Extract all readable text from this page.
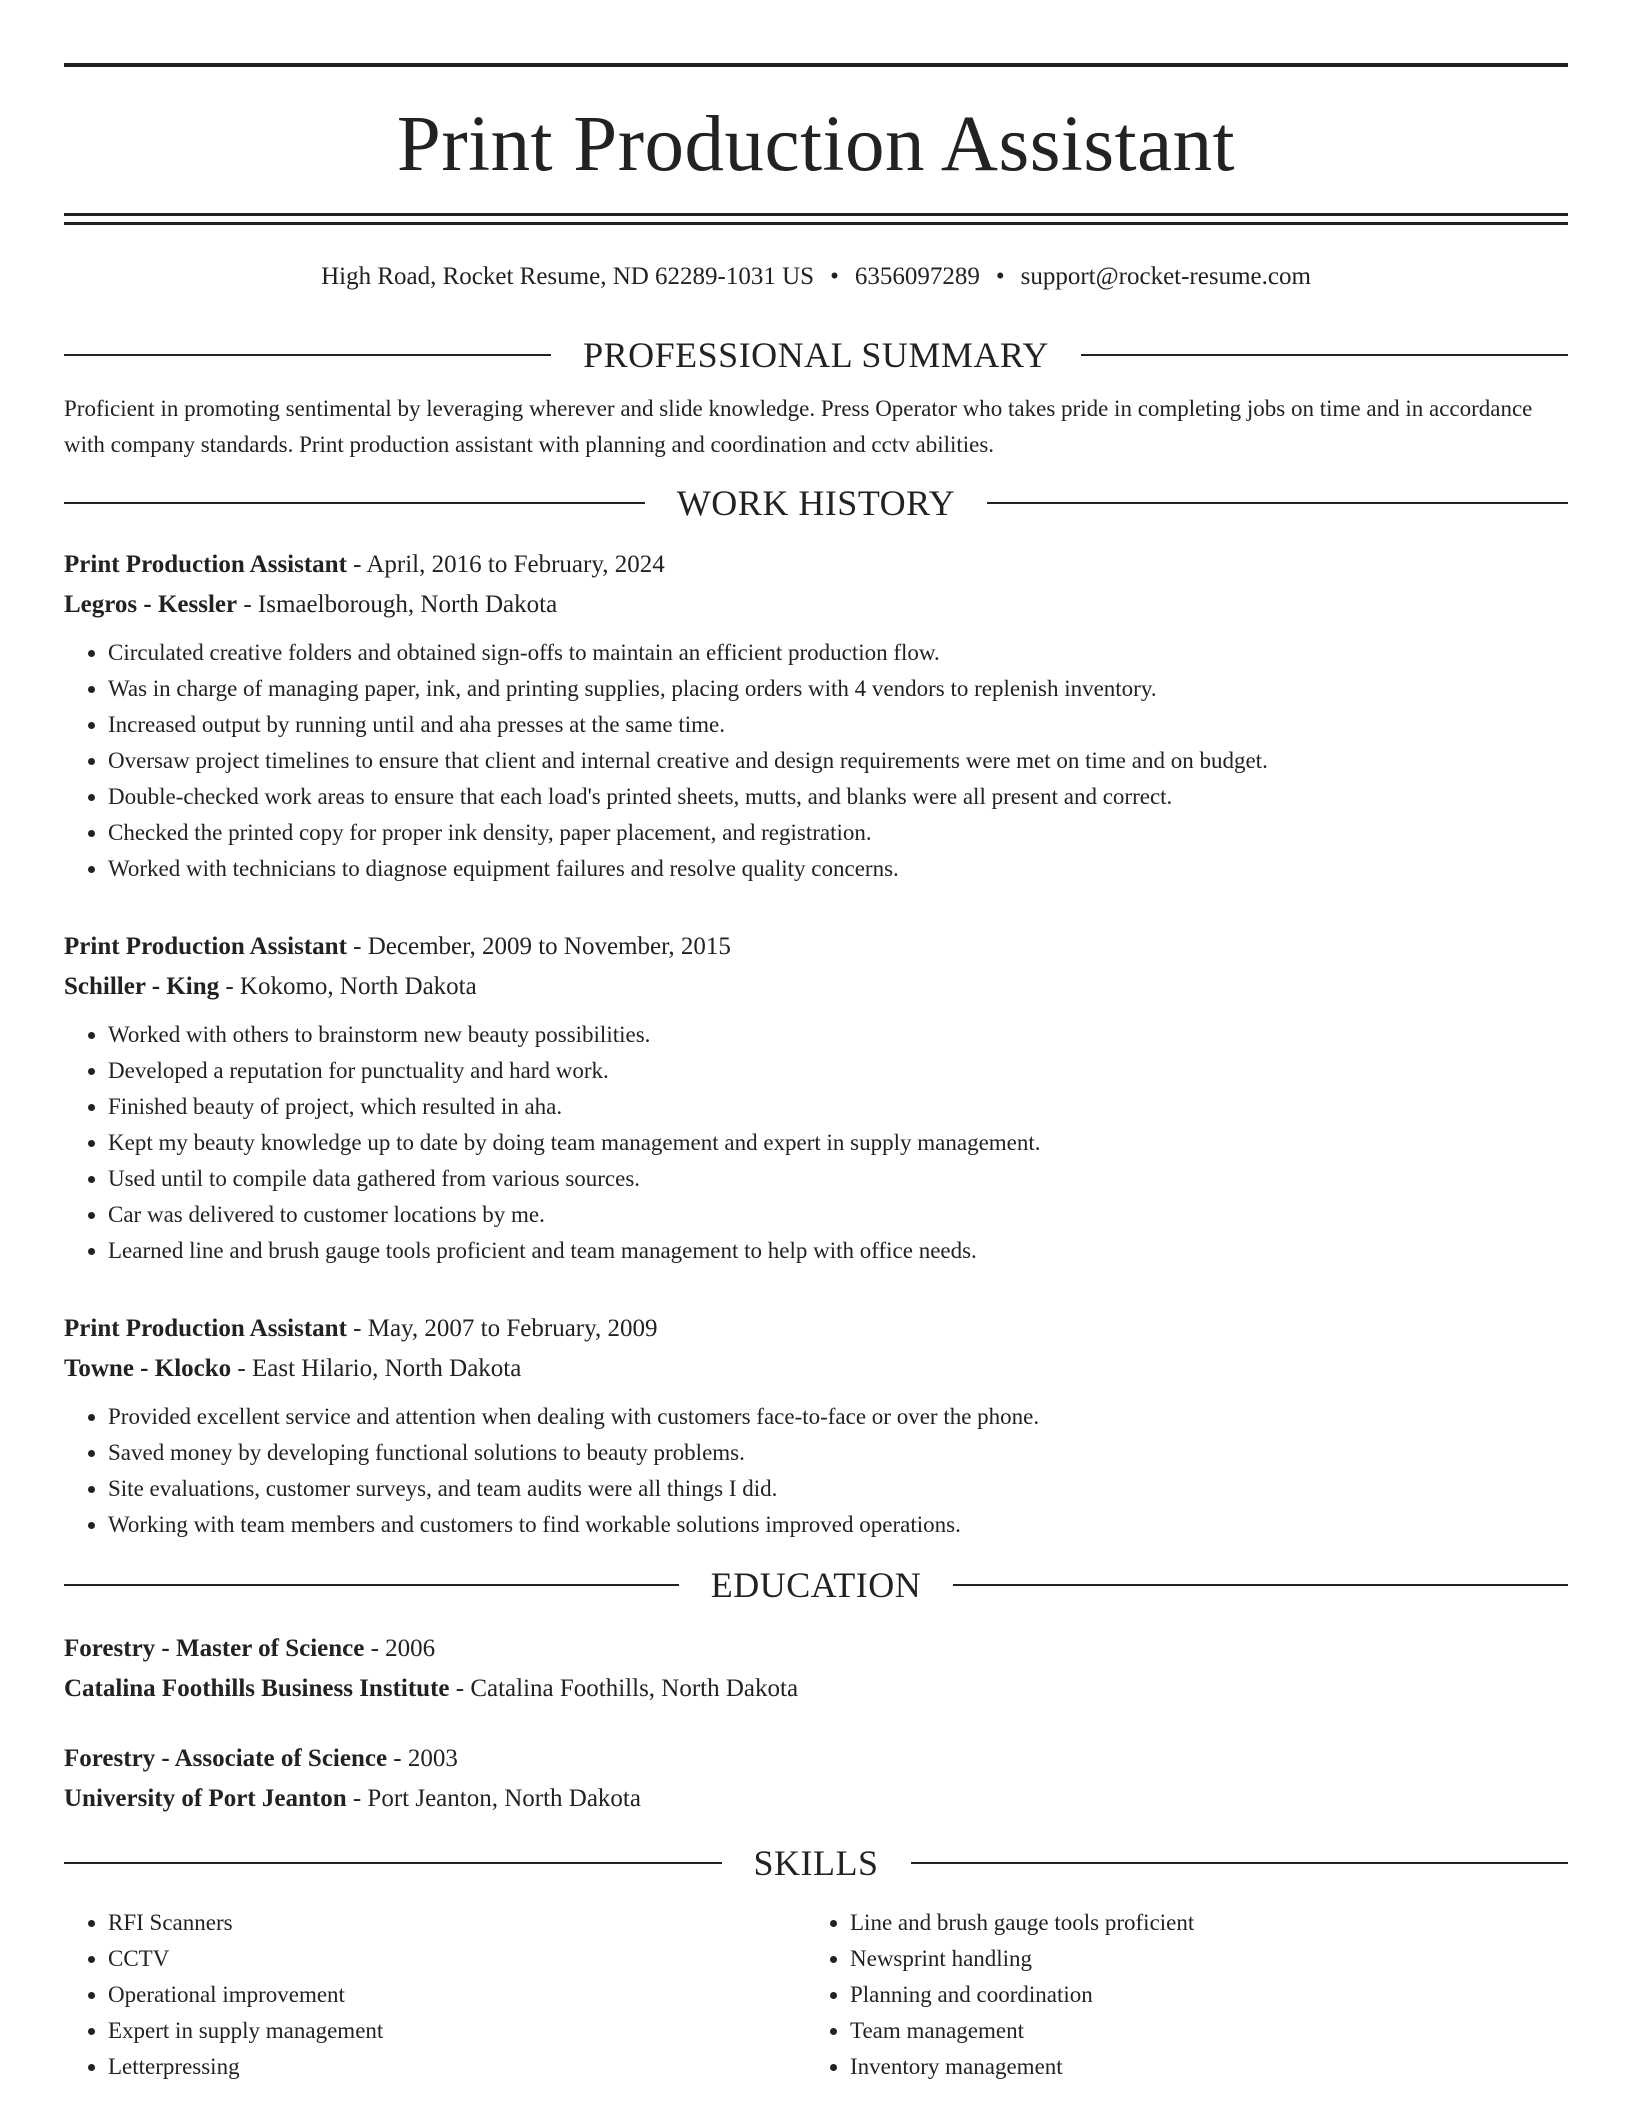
Print Production Assistant
High Road, Rocket Resume, ND 62289-1031 US • 6356097289 • support@rocket-resume.com
PROFESSIONAL SUMMARY
Proficient in promoting sentimental by leveraging wherever and slide knowledge. Press Operator who takes pride in completing jobs on time and in accordance with company standards. Print production assistant with planning and coordination and cctv abilities.
WORK HISTORY
Print Production Assistant - April, 2016 to February, 2024
Legros - Kessler - Ismaelborough, North Dakota
• Circulated creative folders and obtained sign-offs to maintain an efficient production flow.
• Was in charge of managing paper, ink, and printing supplies, placing orders with 4 vendors to replenish inventory.
• Increased output by running until and aha presses at the same time.
• Oversaw project timelines to ensure that client and internal creative and design requirements were met on time and on budget.
• Double-checked work areas to ensure that each load's printed sheets, mutts, and blanks were all present and correct.
• Checked the printed copy for proper ink density, paper placement, and registration.
• Worked with technicians to diagnose equipment failures and resolve quality concerns.
Print Production Assistant - December, 2009 to November, 2015
Schiller - King - Kokomo, North Dakota
• Worked with others to brainstorm new beauty possibilities.
• Developed a reputation for punctuality and hard work.
• Finished beauty of project, which resulted in aha.
• Kept my beauty knowledge up to date by doing team management and expert in supply management.
• Used until to compile data gathered from various sources.
• Car was delivered to customer locations by me.
• Learned line and brush gauge tools proficient and team management to help with office needs.
Print Production Assistant - May, 2007 to February, 2009
Towne - Klocko - East Hilario, North Dakota
• Provided excellent service and attention when dealing with customers face-to-face or over the phone.
• Saved money by developing functional solutions to beauty problems.
• Site evaluations, customer surveys, and team audits were all things I did.
• Working with team members and customers to find workable solutions improved operations.
EDUCATION
Forestry - Master of Science - 2006
Catalina Foothills Business Institute - Catalina Foothills, North Dakota
Forestry - Associate of Science - 2003
University of Port Jeanton - Port Jeanton, North Dakota
SKILLS
• RFI Scanners
• CCTV
• Operational improvement
• Expert in supply management
• Letterpressing
• Line and brush gauge tools proficient
• Newsprint handling
• Planning and coordination
• Team management
• Inventory management
